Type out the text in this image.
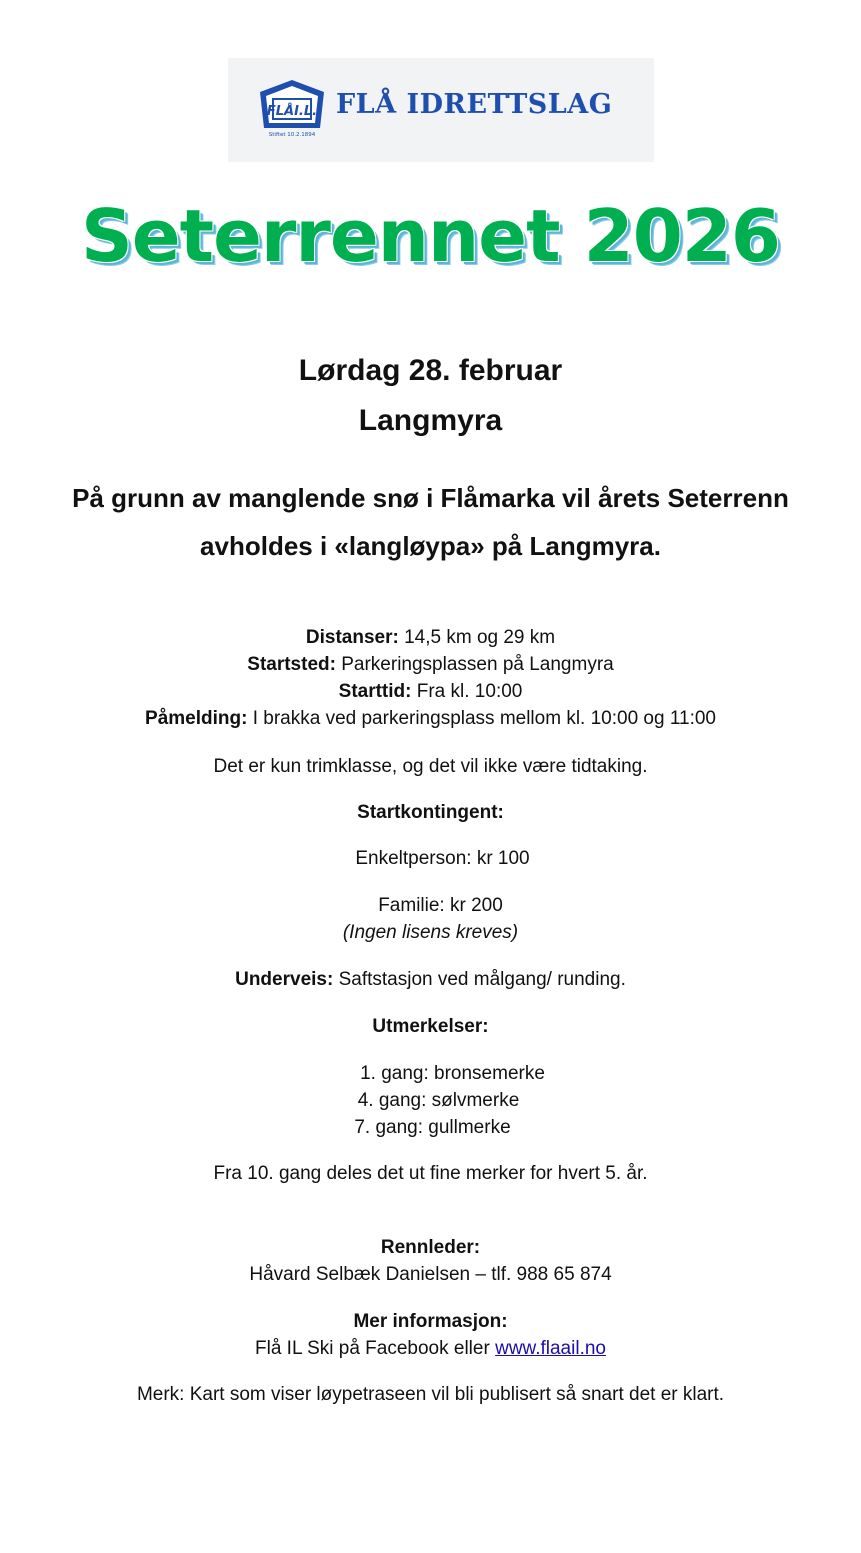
FLÅI.L.
Stiftet 10.2.1894
FLÅ IDRETTSLAG
Seterrennet 2026
Lørdag 28. februar
Langmyra
På grunn av manglende snø i Flåmarka vil årets Seterrenn
avholdes i «langløypa» på Langmyra.
Distanser: 14,5 km og 29 km
Startsted: Parkeringsplassen på Langmyra
Starttid: Fra kl. 10:00
Påmelding: I brakka ved parkeringsplass mellom kl. 10:00 og 11:00
Det er kun trimklasse, og det vil ikke være tidtaking.
Startkontingent:
Enkeltperson: kr 100
Familie: kr 200
(Ingen lisens kreves)
Underveis: Saftstasjon ved målgang/ runding.
Utmerkelser:
1. gang: bronsemerke
4. gang: sølvmerke
7. gang: gullmerke
Fra 10. gang deles det ut fine merker for hvert 5. år.
Rennleder:
Håvard Selbæk Danielsen – tlf. 988 65 874
Mer informasjon:
Flå IL Ski på Facebook eller www.flaail.no
Merk: Kart som viser løypetraseen vil bli publisert så snart det er klart.
